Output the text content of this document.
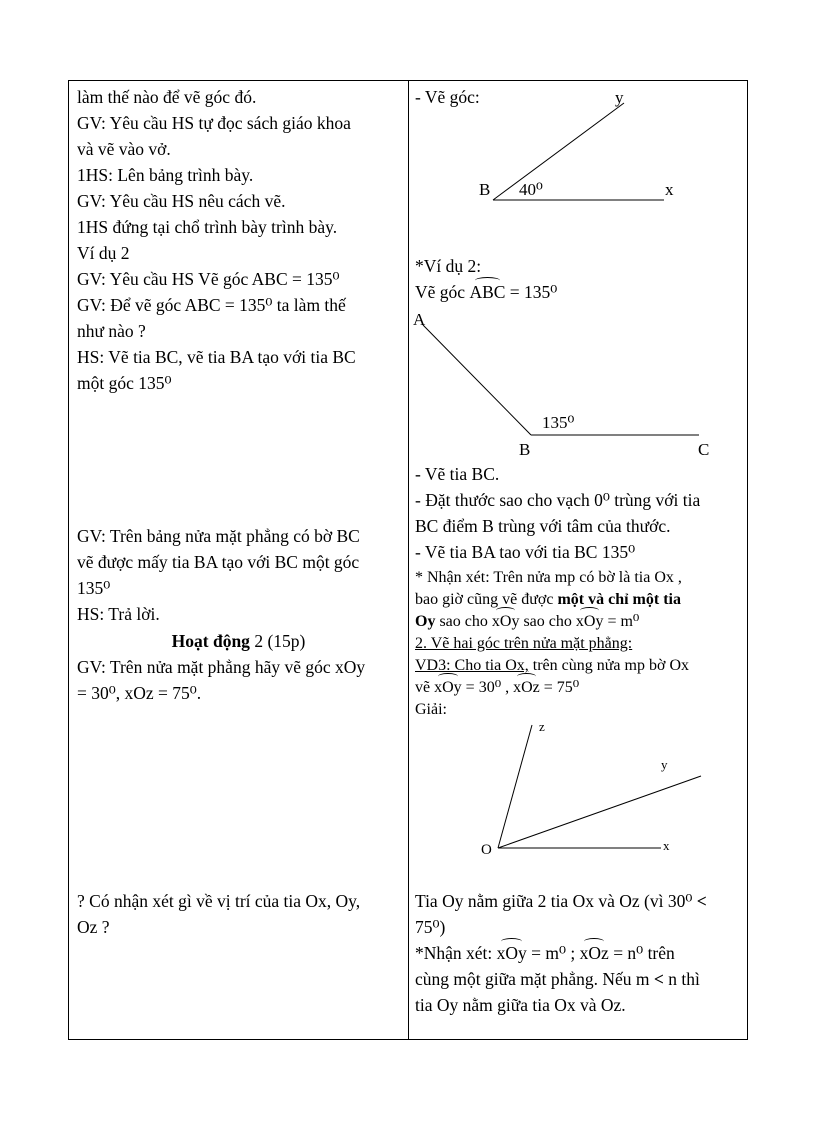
làm thế nào để vẽ góc đó.
GV: Yêu cầu HS tự đọc sách giáo khoa
và vẽ vào vở.
1HS: Lên bảng trình bày.
GV: Yêu cầu HS nêu cách vẽ.
1HS đứng tại chổ trình bày trình bày.
Ví dụ 2
GV: Yêu cầu HS Vẽ góc ABC = 135⁰
GV: Để vẽ góc ABC = 135⁰ ta làm thế
như nào ?
HS: Vẽ tia BC, vẽ tia BA tạo với tia BC
một góc 135⁰
GV: Trên bảng nửa mặt phẳng có bờ BC
vẽ được mấy tia BA tạo với BC một góc
135⁰
HS: Trả lời.
Hoạt động 2 (15p)
GV: Trên nửa mặt phẳng hãy vẽ góc xOy
= 30⁰, xOz = 75⁰.
? Có nhận xét gì về vị trí của tia Ox, Oy,
Oz ?
- Vẽ góc:	y
B 40⁰	x
*Ví dụ 2:
Vẽ góc ABC = 135⁰
A
135⁰
B	C
- Vẽ tia BC.
- Đặt thước sao cho vạch 0⁰ trùng với tia
BC điểm B trùng với tâm của thước.
- Vẽ tia BA tao với tia BC 135⁰
* Nhận xét: Trên nửa mp có bờ là tia Ox ,
bao giờ cũng vẽ được một và chỉ một tia
Oy sao cho xOy sao cho xOy = m⁰
2. Vẽ hai góc trên nửa mặt phẳng:
VD3: Cho tia Ox, trên cùng nửa mp bờ Ox
vẽ xOy = 30⁰ , xOz = 75⁰
Giải:
z
y
O	x
Tia Oy nằm giữa 2 tia Ox và Oz (vì 30⁰ <
75⁰)
*Nhận xét: xOy = m⁰ ; xOz = n⁰ trên
cùng một giữa mặt phẳng. Nếu m < n thì
tia Oy nằm giữa tia Ox và Oz.
